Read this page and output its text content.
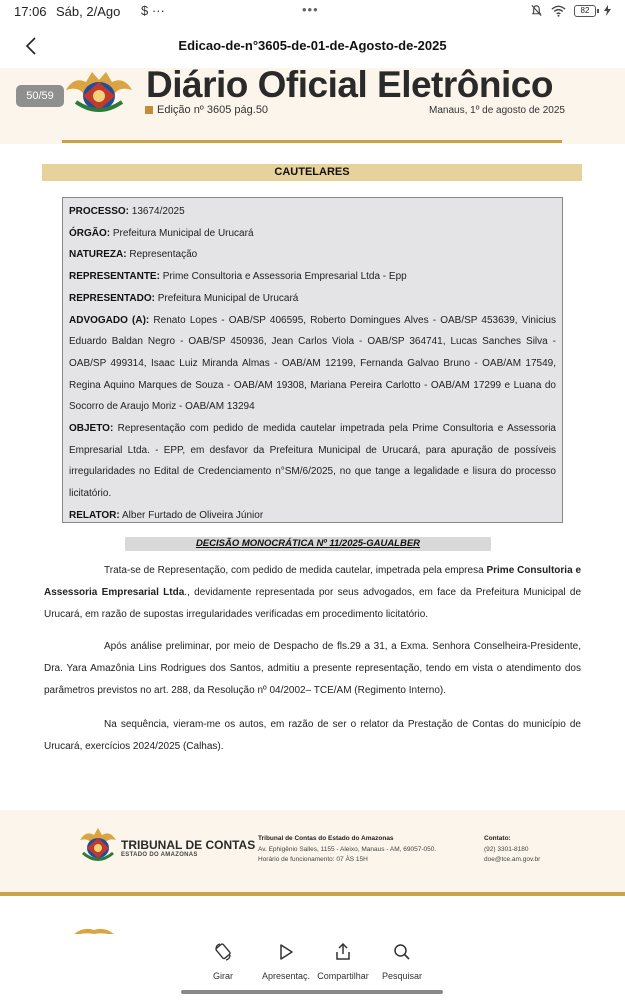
17:06 Sáb, 2/Ago $ ···	•••	82
Edicao-de-n°3605-de-01-de-Agosto-de-2025
Diário Oficial Eletrônico
Edição nº 3605 pág.50	Manaus, 1º de agosto de 2025
50/59
CAUTELARES
PROCESSO: 13674/2025
ÓRGÃO: Prefeitura Municipal de Urucará
NATUREZA: Representação
REPRESENTANTE: Prime Consultoria e Assessoria Empresarial Ltda - Epp
REPRESENTADO: Prefeitura Municipal de Urucará
ADVOGADO (A): Renato Lopes - OAB/SP 406595, Roberto Domingues Alves - OAB/SP 453639, Vinicius Eduardo Baldan Negro - OAB/SP 450936, Jean Carlos Viola - OAB/SP 364741, Lucas Sanches Silva - OAB/SP 499314, Isaac Luiz Miranda Almas - OAB/AM 12199, Fernanda Galvao Bruno - OAB/AM 17549, Regina Aquino Marques de Souza - OAB/AM 19308, Mariana Pereira Carlotto - OAB/AM 17299 e Luana do Socorro de Araujo Moriz - OAB/AM 13294
OBJETO: Representação com pedido de medida cautelar impetrada pela Prime Consultoria e Assessoria Empresarial Ltda. - EPP, em desfavor da Prefeitura Municipal de Urucará, para apuração de possíveis irregularidades no Edital de Credenciamento n°SM/6/2025, no que tange a legalidade e lisura do processo licitatório.
RELATOR: Alber Furtado de Oliveira Júnior
DECISÃO MONOCRÁTICA Nº 11/2025-GAUALBER
Trata-se de Representação, com pedido de medida cautelar, impetrada pela empresa Prime Consultoria e Assessoria Empresarial Ltda., devidamente representada por seus advogados, em face da Prefeitura Municipal de Urucará, em razão de supostas irregularidades verificadas em procedimento licitatório.
Após análise preliminar, por meio de Despacho de fls.29 a 31, a Exma. Senhora Conselheira-Presidente, Dra. Yara Amazônia Lins Rodrigues dos Santos, admitiu a presente representação, tendo em vista o atendimento dos parâmetros previstos no art. 288, da Resolução nº 04/2002– TCE/AM (Regimento Interno).
Na sequência, vieram-me os autos, em razão de ser o relator da Prestação de Contas do município de Urucará, exercícios 2024/2025 (Calhas).
TRIBUNAL DE CONTAS
ESTADO DO AMAZONAS
Tribunal de Contas do Estado do Amazonas
Av. Ephigênio Salles, 1155 - Aleixo, Manaus - AM, 69057-050.
Horário de funcionamento: 07 ÀS 15H
Contato:
(92) 3301-8180
doe@tce.am.gov.br
Girar	Apresentaç. Compartilhar	Pesquisar
